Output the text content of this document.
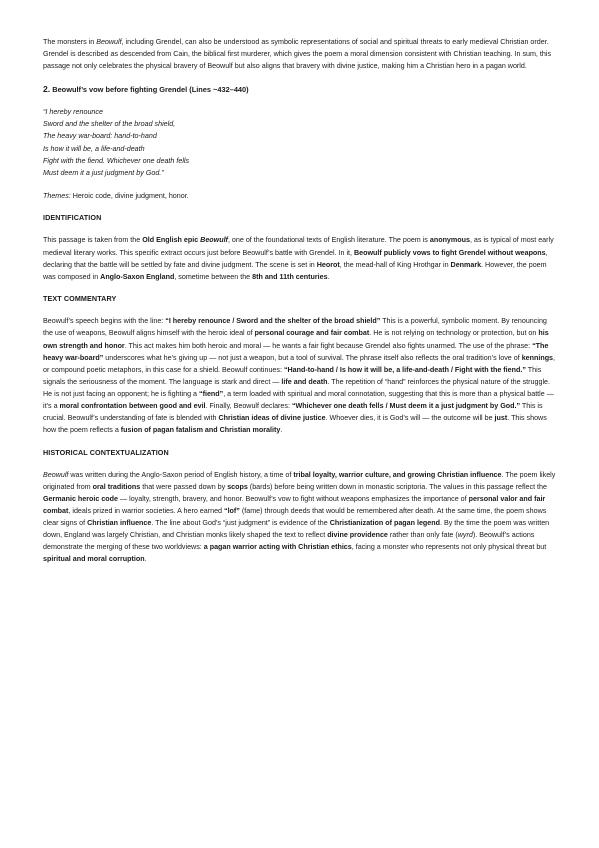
The monsters in Beowulf, including Grendel, can also be understood as symbolic representations of social and spiritual threats to early medieval Christian order. Grendel is described as descended from Cain, the biblical first murderer, which gives the poem a moral dimension consistent with Christian teaching. In sum, this passage not only celebrates the physical bravery of Beowulf but also aligns that bravery with divine justice, making him a Christian hero in a pagan world.

2. Beowulf’s vow before fighting Grendel (Lines ~432–440)

“I hereby renounce

Sword and the shelter of the broad shield,

The heavy war-board: hand-to-hand

Is how it will be, a life-and-death

Fight with the fiend. Whichever one death fells

Must deem it a just judgment by God.”

Themes: Heroic code, divine judgment, honor.

IDENTIFICATION

This passage is taken from the Old English epic Beowulf, one of the foundational texts of English literature. The poem is anonymous, as is typical of most early medieval literary works. This specific extract occurs just before Beowulf’s battle with Grendel. In it, Beowulf publicly vows to fight Grendel without weapons, declaring that the battle will be settled by fate and divine judgment. The scene is set in Heorot, the mead-hall of King Hrothgar in Denmark. However, the poem was composed in Anglo-Saxon England, sometime between the 8th and 11th centuries.

TEXT COMMENTARY

Beowulf’s speech begins with the line: “I hereby renounce / Sword and the shelter of the broad shield” This is a powerful, symbolic moment. By renouncing the use of weapons, Beowulf aligns himself with the heroic ideal of personal courage and fair combat. He is not relying on technology or protection, but on his own strength and honor. This act makes him both heroic and moral — he wants a fair fight because Grendel also fights unarmed. The use of the phrase: “The heavy war-board” underscores what he’s giving up — not just a weapon, but a tool of survival. The phrase itself also reflects the oral tradition’s love of kennings, or compound poetic metaphors, in this case for a shield. Beowulf continues: “Hand-to-hand / Is how it will be, a life-and-death / Fight with the fiend.” This signals the seriousness of the moment. The language is stark and direct — life and death. The repetition of “hand” reinforces the physical nature of the struggle. He is not just facing an opponent; he is fighting a “fiend”, a term loaded with spiritual and moral connotation, suggesting that this is more than a physical battle — it’s a moral confrontation between good and evil. Finally, Beowulf declares: “Whichever one death fells / Must deem it a just judgment by God.” This is crucial. Beowulf’s understanding of fate is blended with Christian ideas of divine justice. Whoever dies, it is God’s will — the outcome will be just. This shows how the poem reflects a fusion of pagan fatalism and Christian morality.

HISTORICAL CONTEXTUALIZATION

Beowulf was written during the Anglo-Saxon period of English history, a time of tribal loyalty, warrior culture, and growing Christian influence. The poem likely originated from oral traditions that were passed down by scops (bards) before being written down in monastic scriptoria. The values in this passage reflect the Germanic heroic code — loyalty, strength, bravery, and honor. Beowulf’s vow to fight without weapons emphasizes the importance of personal valor and fair combat, ideals prized in warrior societies. A hero earned “lof” (fame) through deeds that would be remembered after death. At the same time, the poem shows clear signs of Christian influence. The line about God’s “just judgment” is evidence of the Christianization of pagan legend. By the time the poem was written down, England was largely Christian, and Christian monks likely shaped the text to reflect divine providence rather than only fate (wyrd). Beowulf’s actions demonstrate the merging of these two worldviews: a pagan warrior acting with Christian ethics, facing a monster who represents not only physical threat but spiritual and moral corruption.
